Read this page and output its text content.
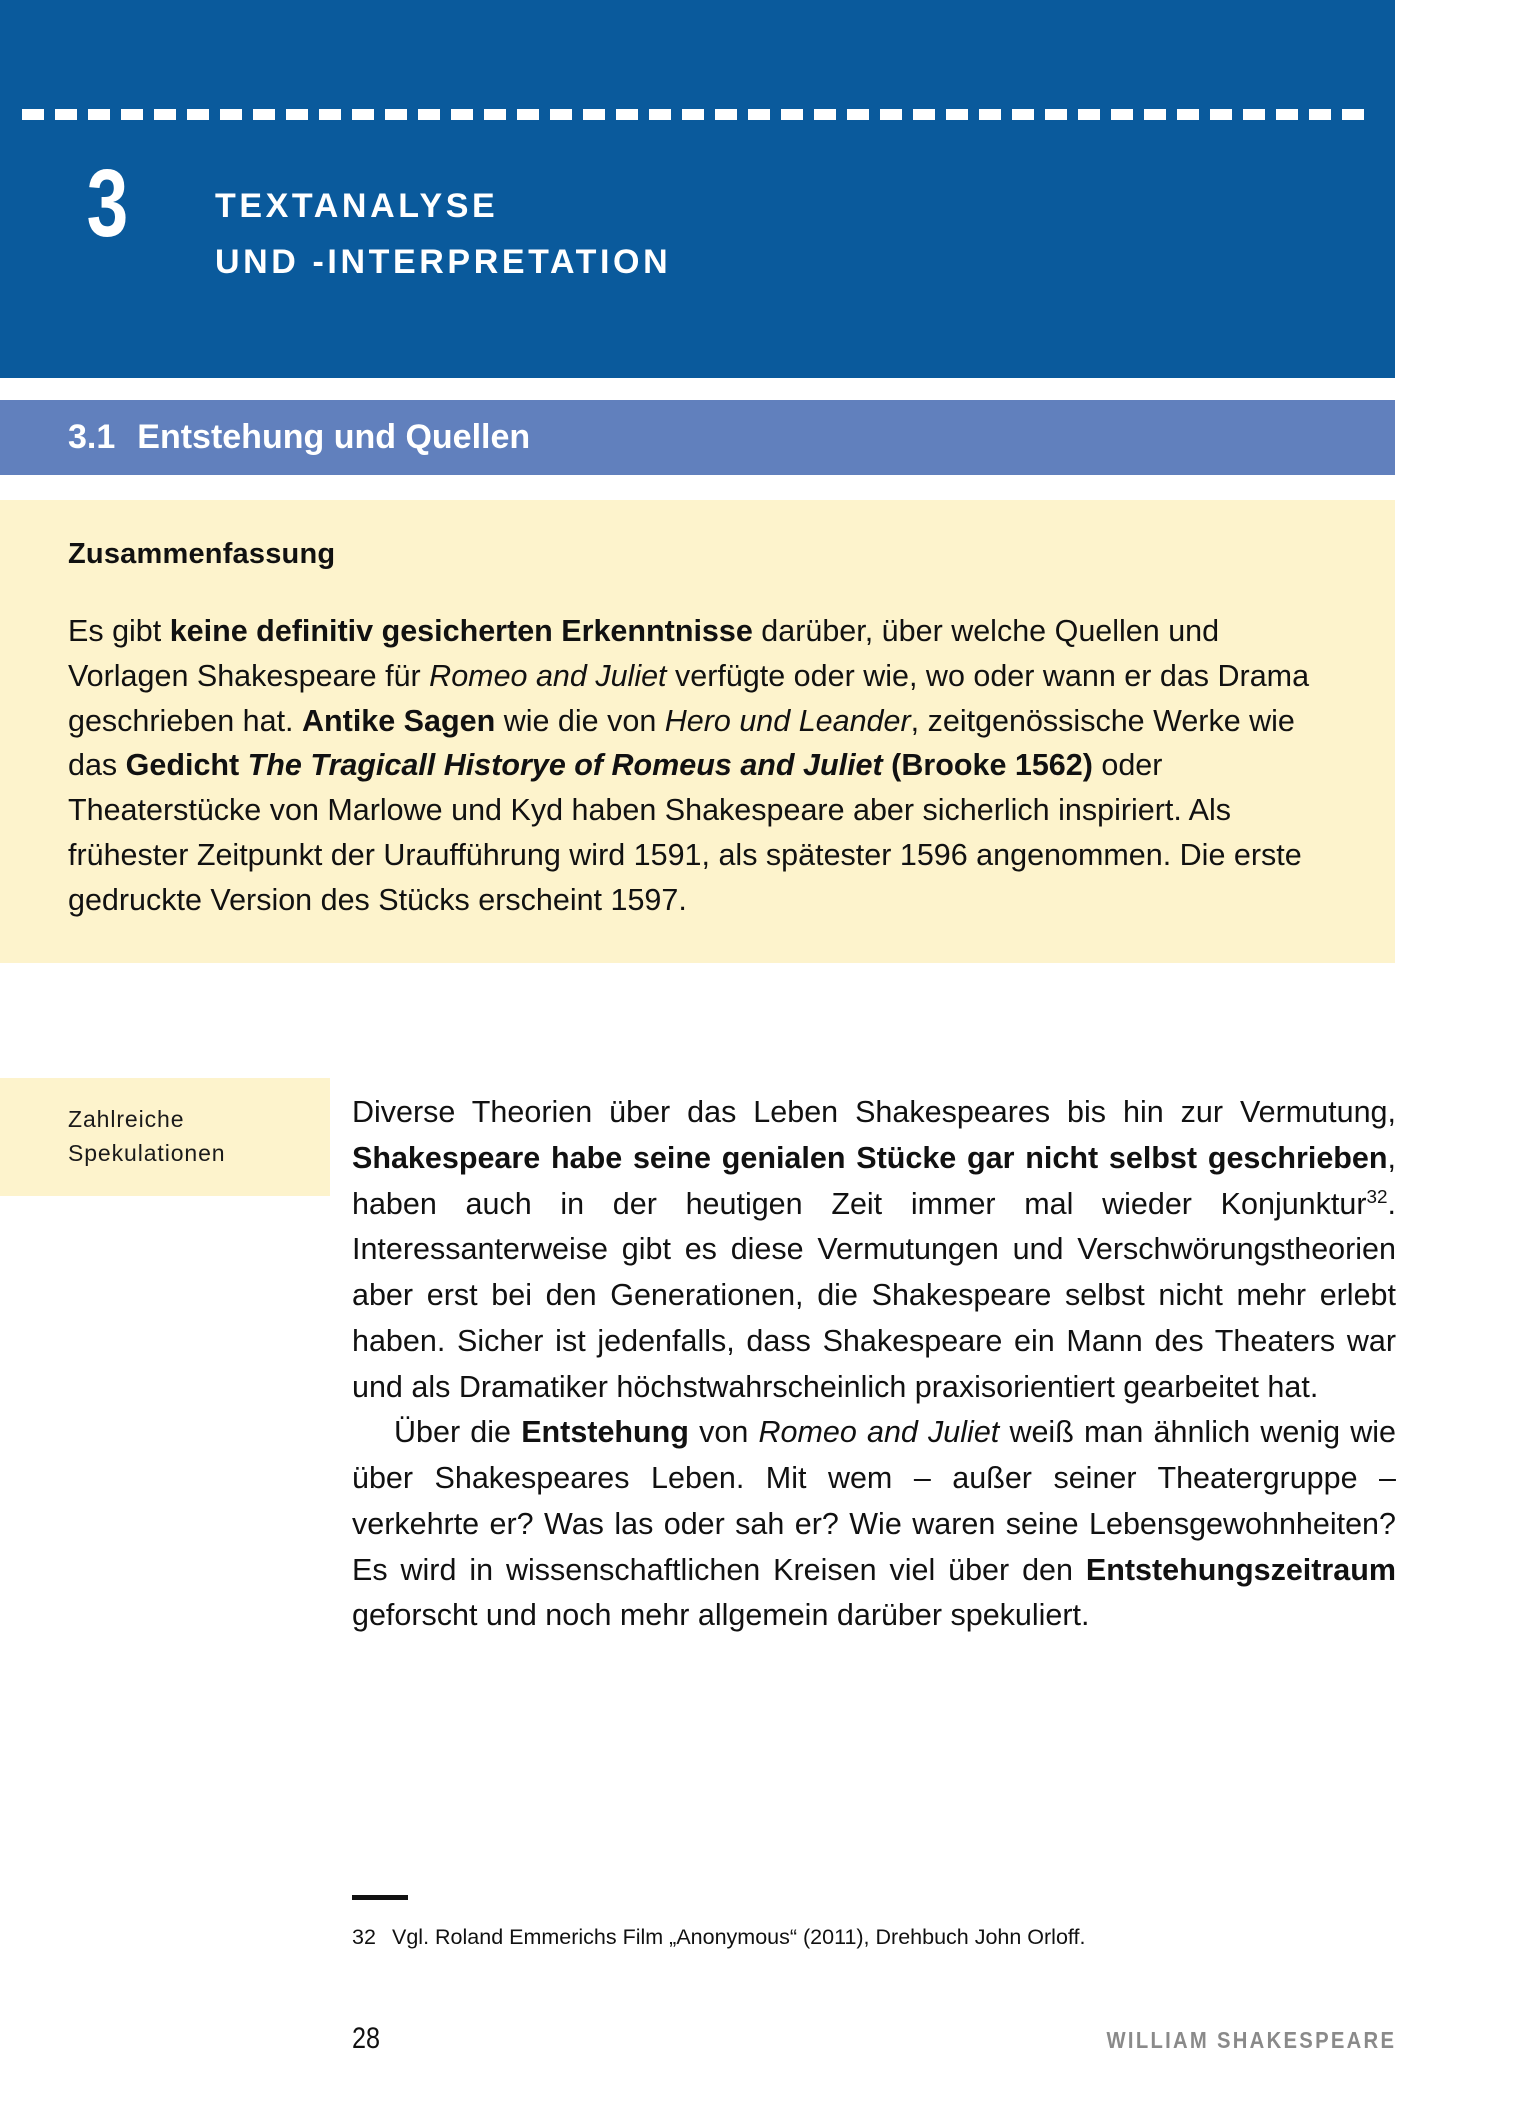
3	TEXTANALYSE
UND -INTERPRETATION
3.1 Entstehung und Quellen

Zusammenfassung

Es gibt keine definitiv gesicherten Erkenntnisse darüber, über welche Quellen und Vorlagen Shakespeare für Romeo and Juliet verfügte oder wie, wo oder wann er das Drama geschrieben hat. Antike Sagen wie die von Hero und Leander, zeitgenössische Werke wie das Gedicht The Tragicall Historye of Romeus and Juliet (Brooke 1562) oder Theaterstücke von Marlowe und Kyd haben Shakespeare aber sicherlich inspiriert. Als frühester Zeitpunkt der Uraufführung wird 1591, als spätester 1596 angenommen. Die erste gedruckte Version des Stücks erscheint 1597.

Zahlreiche
Spekulationen

Diverse Theorien über das Leben Shakespeares bis hin zur Vermutung, Shakespeare habe seine genialen Stücke gar nicht selbst geschrieben, haben auch in der heutigen Zeit immer mal wieder Konjunktur$^{32}$. Interessanterweise gibt es diese Vermutungen und Verschwörungstheorien aber erst bei den Generationen, die Shakespeare selbst nicht mehr erlebt haben. Sicher ist jedenfalls, dass Shakespeare ein Mann des Theaters war und als Dramatiker höchstwahrscheinlich praxisorientiert gearbeitet hat.

Über die Entstehung von Romeo and Juliet weiß man ähnlich wenig wie über Shakespeares Leben. Mit wem – außer seiner Theatergruppe – verkehrte er? Was las oder sah er? Wie waren seine Lebensgewohnheiten? Es wird in wissenschaftlichen Kreisen viel über den Entstehungszeitraum geforscht und noch mehr allgemein darüber spekuliert.

32 Vgl. Roland Emmerichs Film „Anonymous“ (2011), Drehbuch John Orloff.
28	WILLIAM SHAKESPEARE
